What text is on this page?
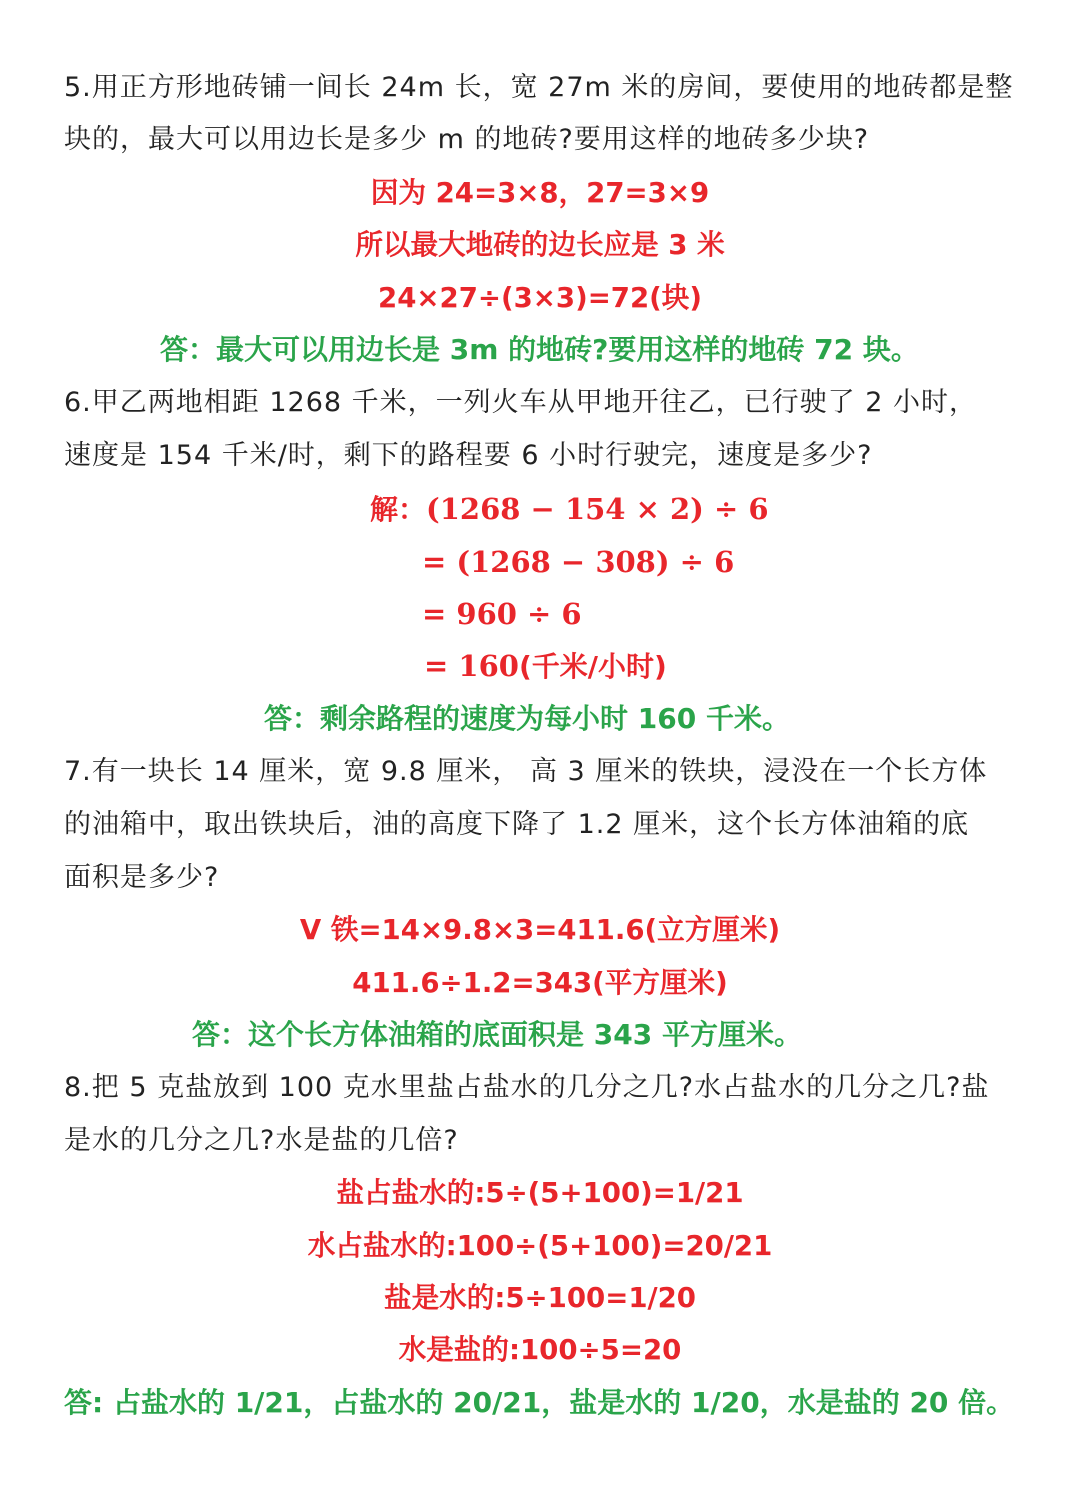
5.用正方形地砖铺一间长 24m 长，宽 27m 米的房间，要使用的地砖都是整
块的，最大可以用边长是多少 m 的地砖?要用这样的地砖多少块?
因为 24=3×8，27=3×9
所以最大地砖的边长应是 3 米
24×27÷(3×3)=72(块)
答：最大可以用边长是 3m 的地砖?要用这样的地砖 72 块。
6.甲乙两地相距 1268 千米，一列火车从甲地开往乙，已行驶了 2 小时，
速度是 154 千米/时，剩下的路程要 6 小时行驶完，速度是多少?
解：(1268 − 154 × 2) ÷ 6
= (1268 − 308) ÷ 6
= 960 ÷ 6
= 160(千米/小时)
答：剩余路程的速度为每小时 160 千米。
7.有一块长 14 厘米，宽 9.8 厘米， 高 3 厘米的铁块，浸没在一个长方体
的油箱中，取出铁块后，油的高度下降了 1.2 厘米，这个长方体油箱的底
面积是多少?
V 铁=14×9.8×3=411.6(立方厘米)
411.6÷1.2=343(平方厘米)
答：这个长方体油箱的底面积是 343 平方厘米。
8.把 5 克盐放到 100 克水里盐占盐水的几分之几?水占盐水的几分之几?盐
是水的几分之几?水是盐的几倍?
盐占盐水的:5÷(5+100)=1/21
水占盐水的:100÷(5+100)=20/21
盐是水的:5÷100=1/20
水是盐的:100÷5=20
答: 占盐水的 1/21，占盐水的 20/21，盐是水的 1/20，水是盐的 20 倍。
